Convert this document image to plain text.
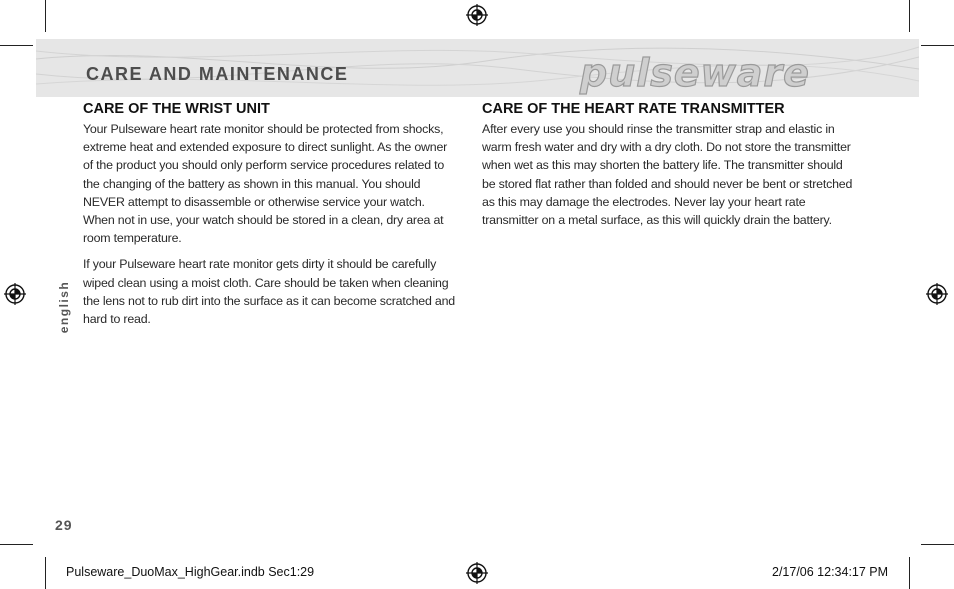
CARE AND MAINTENANCE	pulseware
english
CARE OF THE WRIST UNIT

Your Pulseware heart rate monitor should be protected from shocks, extreme heat and extended exposure to direct sunlight. As the owner of the product you should only perform service procedures related to the changing of the battery as shown in this manual. You should NEVER attempt to disassemble or otherwise service your watch. When not in use, your watch should be stored in a clean, dry area at room temperature.

If your Pulseware heart rate monitor gets dirty it should be carefully wiped clean using a moist cloth. Care should be taken when cleaning the lens not to rub dirt into the surface as it can become scratched and hard to read.

CARE OF THE HEART RATE TRANSMITTER

After every use you should rinse the transmitter strap and elastic in warm fresh water and dry with a dry cloth. Do not store the transmitter when wet as this may shorten the battery life. The transmitter should be stored flat rather than folded and should never be bent or stretched as this may damage the electrodes. Never lay your heart rate transmitter on a metal surface, as this will quickly drain the battery.

29
Pulseware_DuoMax_HighGear.indb Sec1:29	2/17/06 12:34:17 PM
